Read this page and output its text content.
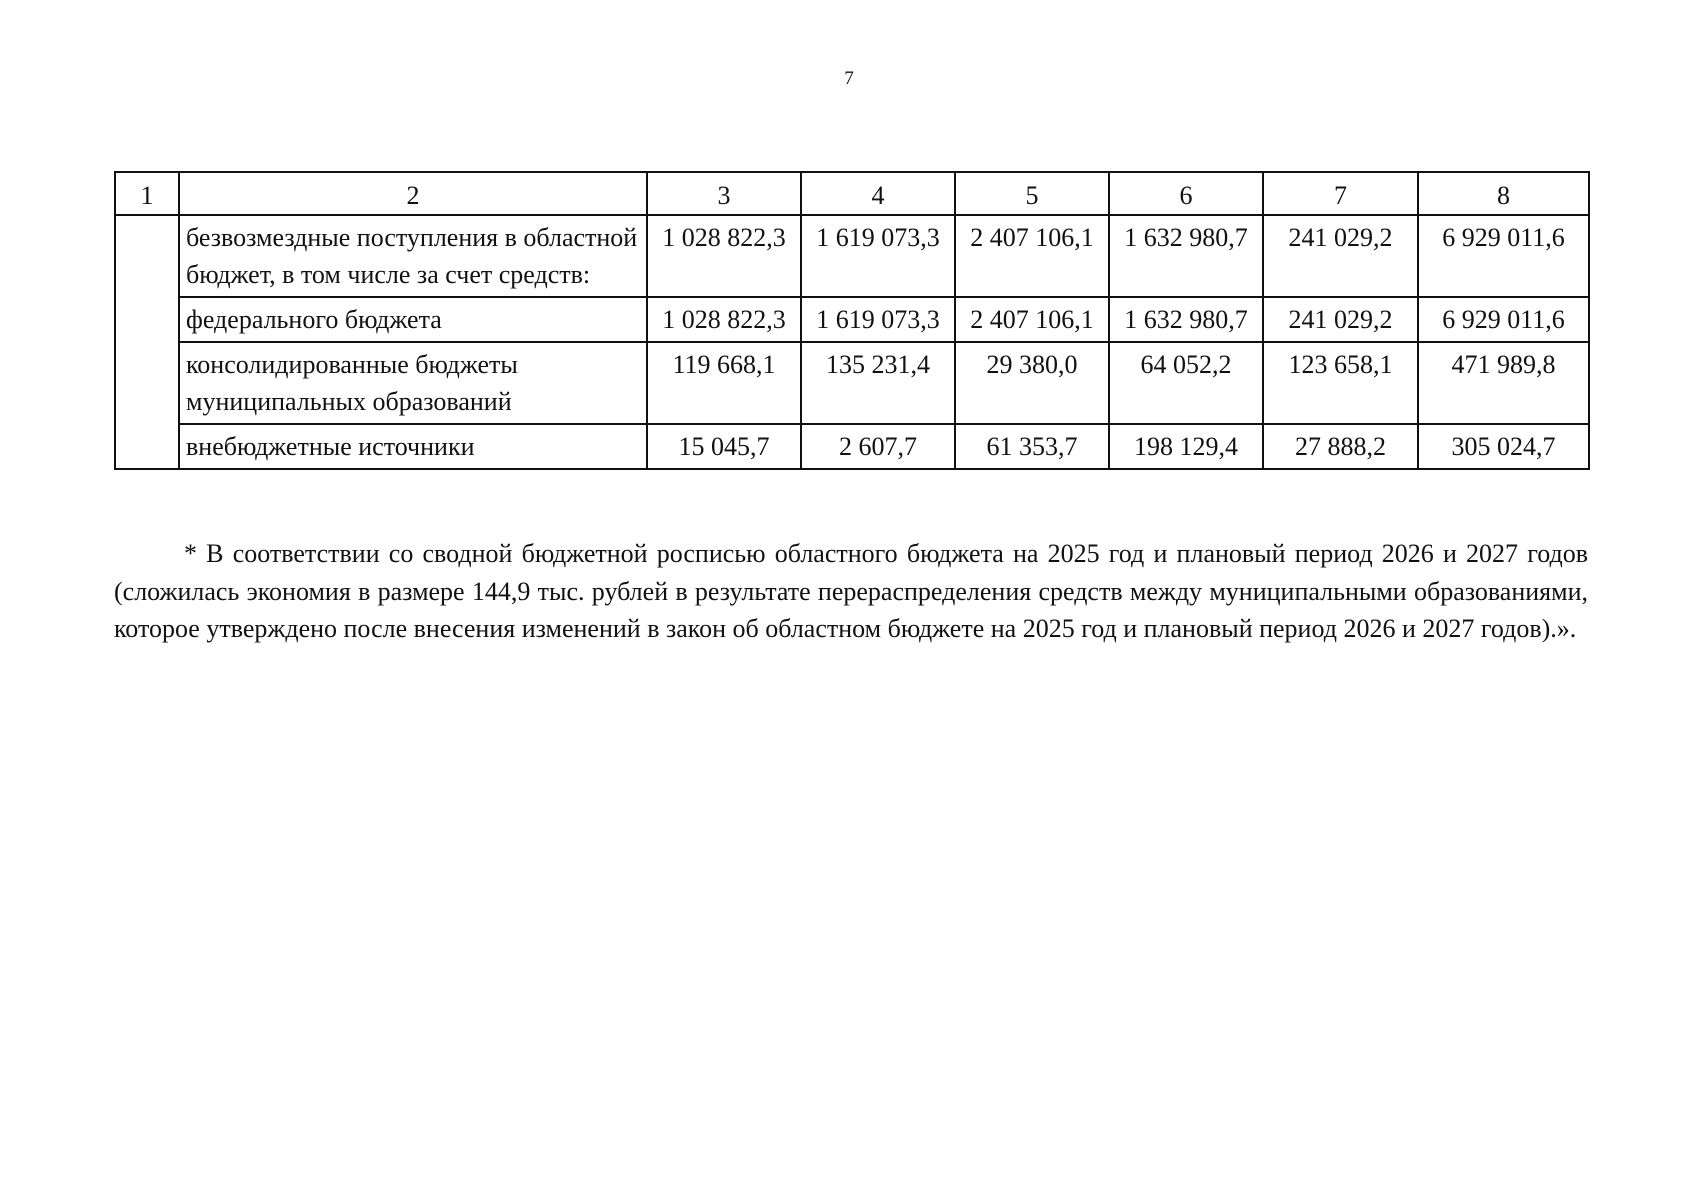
7
1	2	3	4	5	6	7	8
	безвозмездные поступления в областной бюджет, в том числе за счет средств:	1 028 822,3	1 619 073,3	2 407 106,1	1 632 980,7	241 029,2	6 929 011,6
	федерального бюджета	1 028 822,3	1 619 073,3	2 407 106,1	1 632 980,7	241 029,2	6 929 011,6
	консолидированные бюджеты муниципальных образований	119 668,1	135 231,4	29 380,0	64 052,2	123 658,1	471 989,8
	внебюджетные источники	15 045,7	2 607,7	61 353,7	198 129,4	27 888,2	305 024,7

* В соответствии со сводной бюджетной росписью областного бюджета на 2025 год и плановый период 2026 и 2027 годов (сложилась экономия в размере 144,9 тыс. рублей в результате перераспределения средств между муниципальными образованиями, которое утверждено после внесения изменений в закон об областном бюджете на 2025 год и плановый период 2026 и 2027 годов).».
